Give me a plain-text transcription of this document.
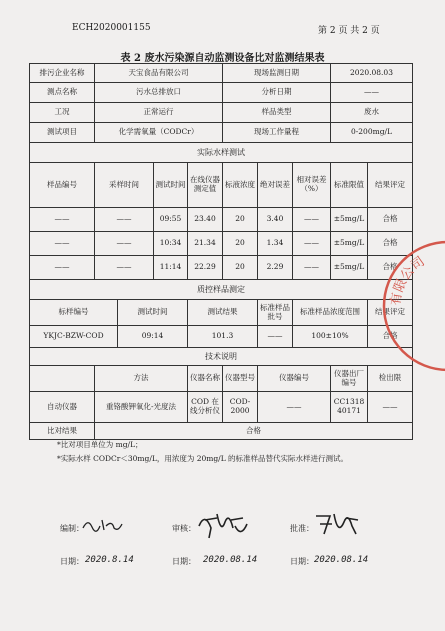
ECH2020001155	第 2 页 共 2 页
表 2 废水污染源自动监测设备比对监测结果表
排污企业名称	天宝食品有限公司				现场监测日期			2020.08.03	
测点名称	污水总排放口				分析日期			——	
工况	正常运行				样品类型			废水	
测试项目	化学需氧量（CODCr）				现场工作量程			0-200mg/L	
实际水样测试									
样品编号	采样时间		测试时间	在线仪器测定值	标液浓度	绝对误差	相对误差（%）	标准限值	结果评定
——	——		09:55	23.40	20	3.40	——	±5mg/L	合格
——	——		10:34	21.34	20	1.34	——	±5mg/L	合格
——	——		11:14	22.29	20	2.29	——	±5mg/L	合格
质控样品测定									
标样编号		测试时间		测试结果		标准样品批号	标准样品浓度范围		结果评定
YKJC-BZW-COD		09:14		101.3		——	100±10%		合格
技术说明									
	方法			仪器名称	仪器型号	仪器编号		仪器出厂编号	检出限
自动仪器	重铬酸钾氧化-光度法			COD 在线分析仪	COD-2000	——		CC131840171	——
比对结果	合格								
*比对项目单位为 mg/L；
*实际水样 CODCr＜30mg/L，用浓度为 20mg/L 的标准样品替代实际水样进行测试。
编制：	审核：	批准：
日期： 2020.8.14	日期： 2020.08.14	日期： 2020.08.14
有限公司
